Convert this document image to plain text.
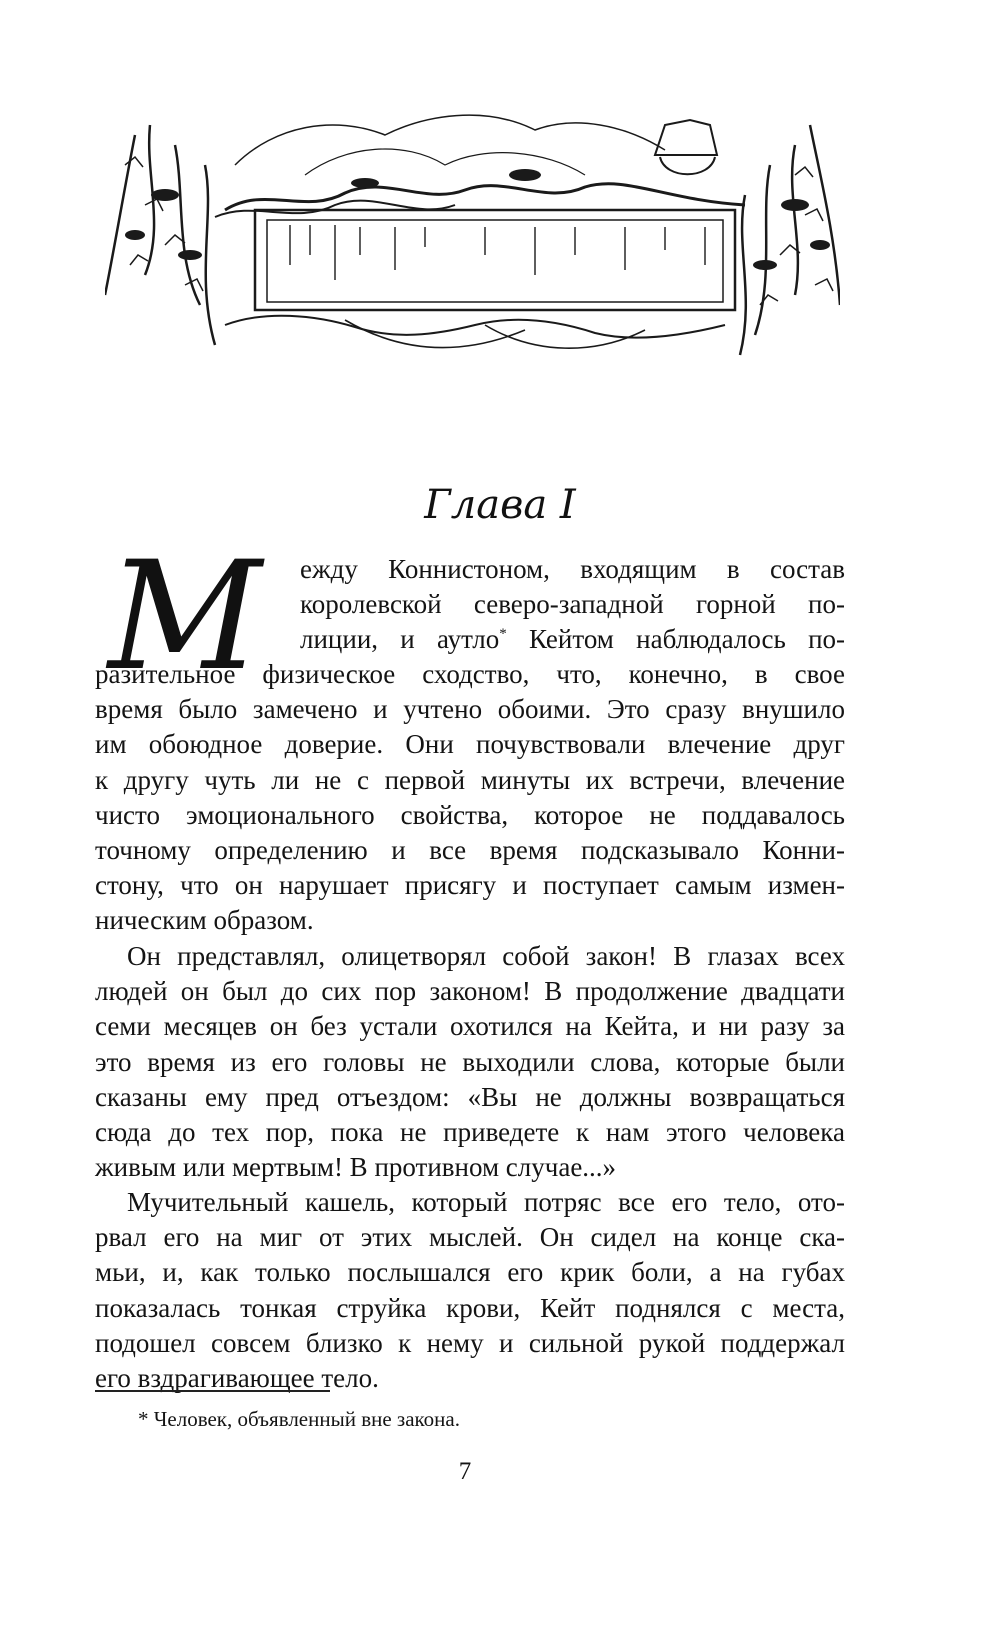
Глава I
М ежду Коннистоном, входящим в состав
королевской северо-западной горной по-
лиции, и аутло* Кейтом наблюдалось по-
разительное физическое сходство, что, конечно, в свое
время было замечено и учтено обоими. Это сразу внушило
им обоюдное доверие. Они почувствовали влечение друг
к другу чуть ли не с первой минуты их встречи, влечение
чисто эмоционального свойства, которое не поддавалось
точному определению и все время подсказывало Конни-
стону, что он нарушает присягу и поступает самым измен-
ническим образом.
Он представлял, олицетворял собой закон! В глазах всех
людей он был до сих пор законом! В продолжение двадцати
семи месяцев он без устали охотился на Кейта, и ни разу за
это время из его головы не выходили слова, которые были
сказаны ему пред отъездом: «Вы не должны возвращаться
сюда до тех пор, пока не приведете к нам этого человека
живым или мертвым! В противном случае...»
Мучительный кашель, который потряс все его тело, ото-
рвал его на миг от этих мыслей. Он сидел на конце ска-
мьи, и, как только послышался его крик боли, а на губах
показалась тонкая струйка крови, Кейт поднялся с места,
подошел совсем близко к нему и сильной рукой поддержал
его вздрагивающее тело.
* Человек, объявленный вне закона.
7
